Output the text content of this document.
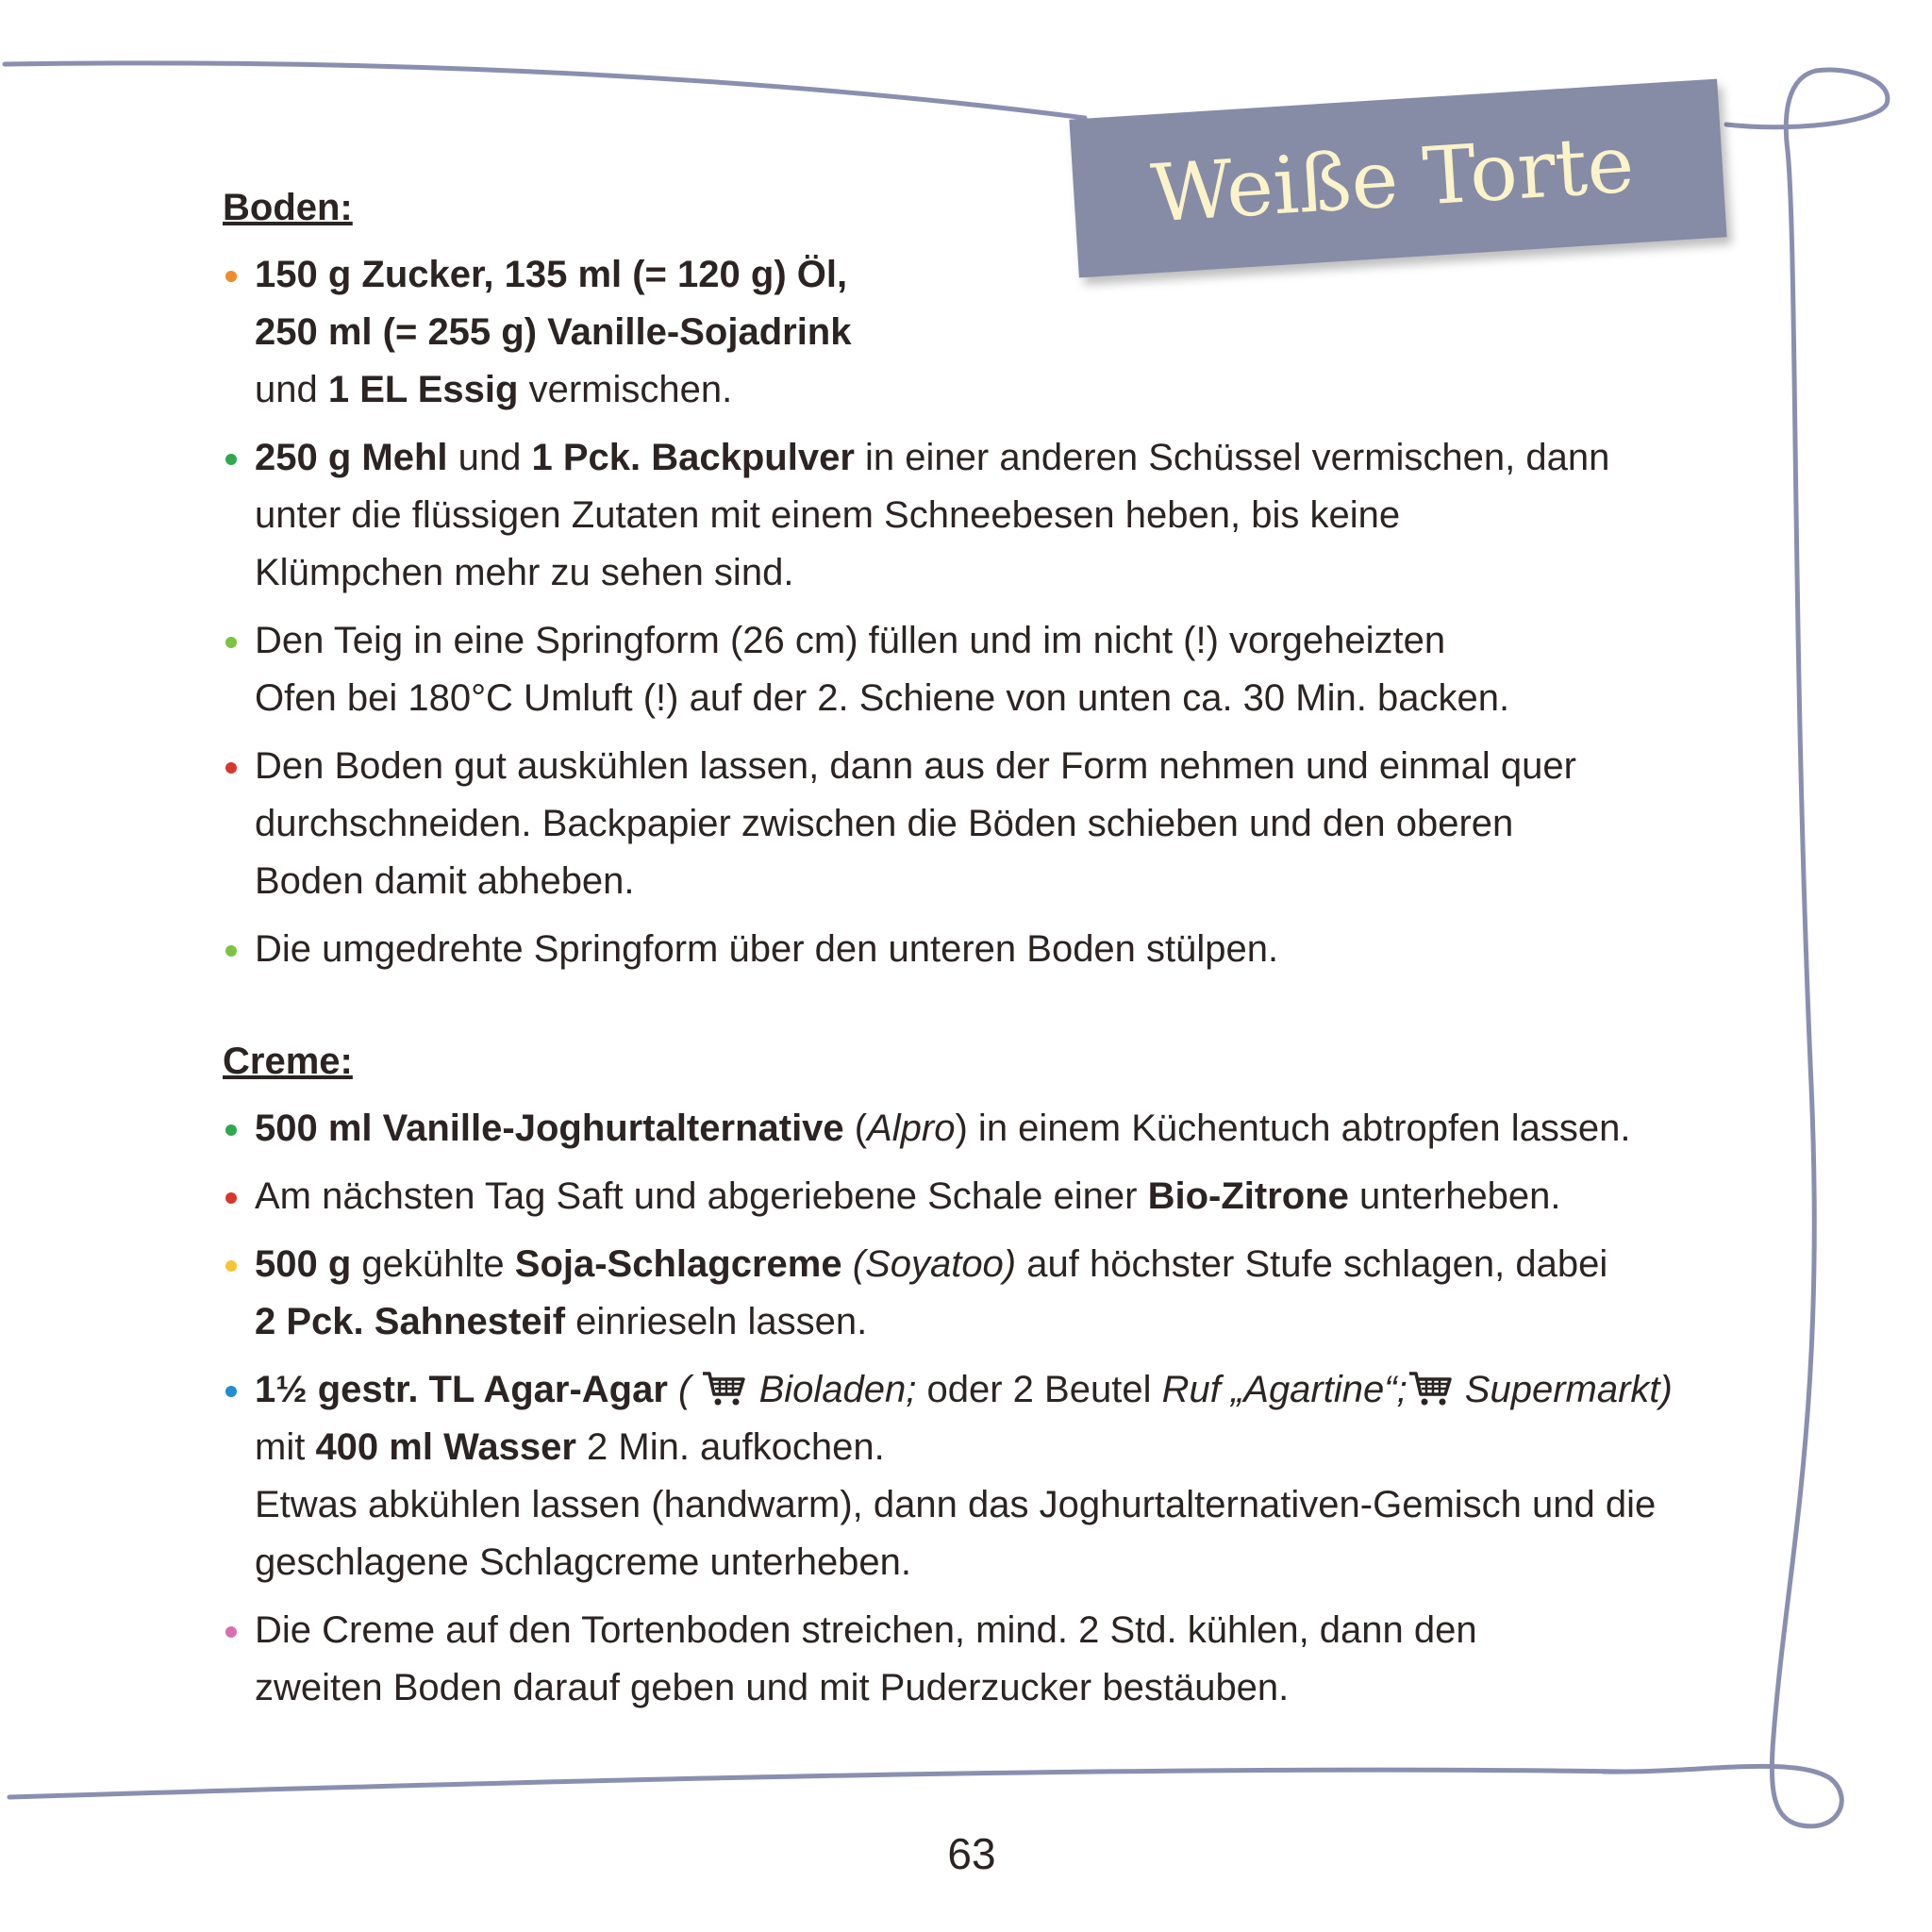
Weiße Torte
Boden:
150 g Zucker, 135 ml (= 120 g) Öl,
250 ml (= 255 g) Vanille-Sojadrink
und 1 EL Essig vermischen.
250 g Mehl und 1 Pck. Backpulver in einer anderen Schüssel vermischen, dann
unter die flüssigen Zutaten mit einem Schneebesen heben, bis keine
Klümpchen mehr zu sehen sind.
Den Teig in eine Springform (26 cm) füllen und im nicht (!) vorgeheizten
Ofen bei 180°C Umluft (!) auf der 2. Schiene von unten ca. 30 Min. backen.
Den Boden gut auskühlen lassen, dann aus der Form nehmen und einmal quer
durchschneiden. Backpapier zwischen die Böden schieben und den oberen
Boden damit abheben.
Die umgedrehte Springform über den unteren Boden stülpen.
Creme:
500 ml Vanille-Joghurtalternative (Alpro) in einem Küchentuch abtropfen lassen.
Am nächsten Tag Saft und abgeriebene Schale einer Bio-Zitrone unterheben.
500 g gekühlte Soja-Schlagcreme (Soyatoo) auf höchster Stufe schlagen, dabei
2 Pck. Sahnesteif einrieseln lassen.
1½ gestr. TL Agar-Agar (  Bioladen; oder 2 Beutel Ruf „Agartine“; Supermarkt)
mit 400 ml Wasser 2 Min. aufkochen.
Etwas abkühlen lassen (handwarm), dann das Joghurtalternativen-Gemisch und die
geschlagene Schlagcreme unterheben.
Die Creme auf den Tortenboden streichen, mind. 2 Std. kühlen, dann den
zweiten Boden darauf geben und mit Puderzucker bestäuben.
63
